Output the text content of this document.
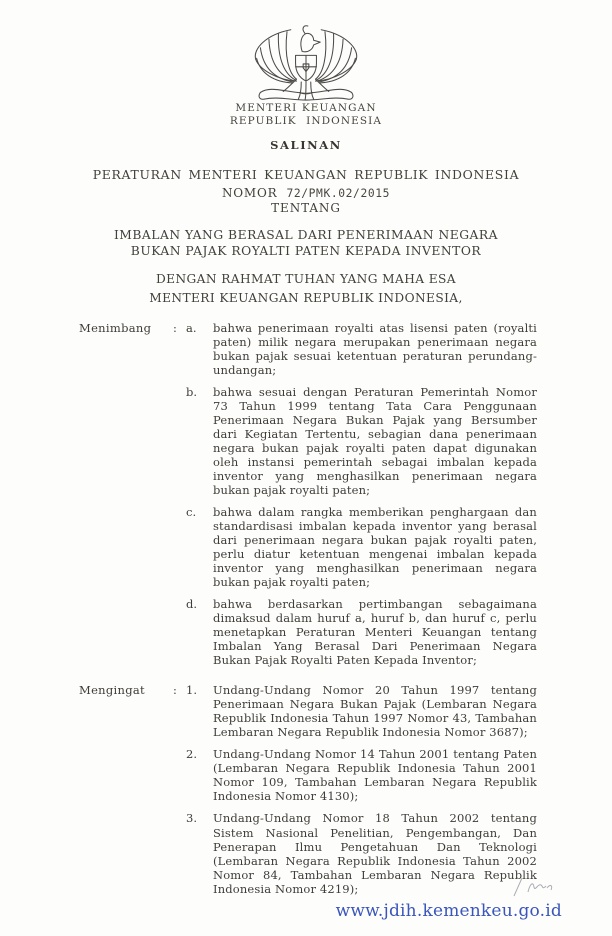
MENTERI KEUANGAN
REPUBLIK INDONESIA
SALINAN
PERATURAN MENTERI KEUANGAN REPUBLIK INDONESIA
NOMOR 72/PMK.02/2015
TENTANG
IMBALAN YANG BERASAL DARI PENERIMAAN NEGARA
BUKAN PAJAK ROYALTI PATEN KEPADA INVENTOR
DENGAN RAHMAT TUHAN YANG MAHA ESA
MENTERI KEUANGAN REPUBLIK INDONESIA,
Menimbang	: a.	bahwa penerimaan royalti atas lisensi paten (royalti paten) milik negara merupakan penerimaan negara bukan pajak sesuai ketentuan peraturan perundang-undangan;
b.	bahwa sesuai dengan Peraturan Pemerintah Nomor 73 Tahun 1999 tentang Tata Cara Penggunaan Penerimaan Negara Bukan Pajak yang Bersumber dari Kegiatan Tertentu, sebagian dana penerimaan negara bukan pajak royalti paten dapat digunakan oleh instansi pemerintah sebagai imbalan kepada inventor yang menghasilkan penerimaan negara bukan pajak royalti paten;
c.	bahwa dalam rangka memberikan penghargaan dan standardisasi imbalan kepada inventor yang berasal dari penerimaan negara bukan pajak royalti paten, perlu diatur ketentuan mengenai imbalan kepada inventor yang menghasilkan penerimaan negara bukan pajak royalti paten;
d.	bahwa berdasarkan pertimbangan sebagaimana dimaksud dalam huruf a, huruf b, dan huruf c, perlu menetapkan Peraturan Menteri Keuangan tentang Imbalan Yang Berasal Dari Penerimaan Negara Bukan Pajak Royalti Paten Kepada Inventor;
Mengingat	: 1.	Undang-Undang Nomor 20 Tahun 1997 tentang Penerimaan Negara Bukan Pajak (Lembaran Negara Republik Indonesia Tahun 1997 Nomor 43, Tambahan Lembaran Negara Republik Indonesia Nomor 3687);
2.	Undang-Undang Nomor 14 Tahun 2001 tentang Paten (Lembaran Negara Republik Indonesia Tahun 2001 Nomor 109, Tambahan Lembaran Negara Republik Indonesia Nomor 4130);
3.	Undang-Undang Nomor 18 Tahun 2002 tentang Sistem Nasional Penelitian, Pengembangan, Dan Penerapan Ilmu Pengetahuan Dan Teknologi (Lembaran Negara Republik Indonesia Tahun 2002 Nomor 84, Tambahan Lembaran Negara Republik Indonesia Nomor 4219);
www.jdih.kemenkeu.go.id
